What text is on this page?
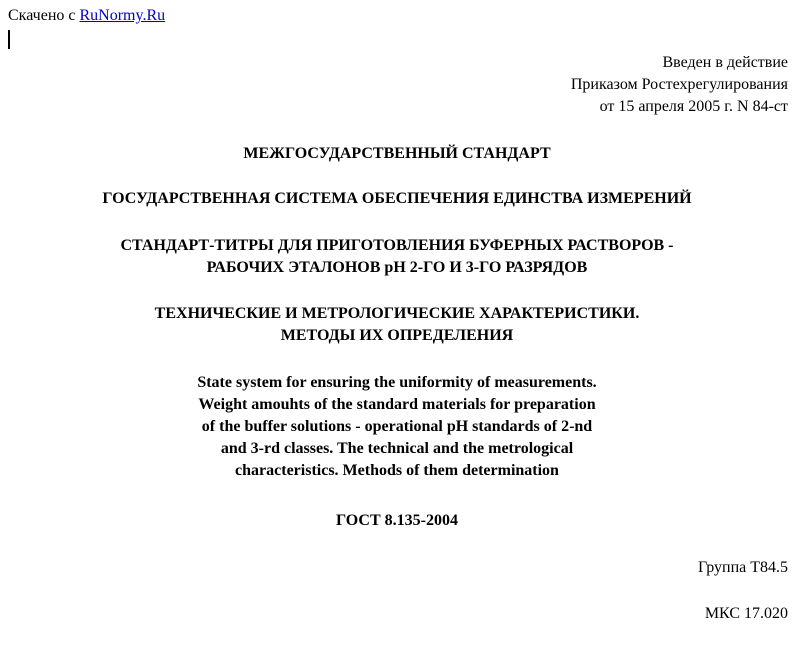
Скачено с RuNormy.Ru
Введен в действие
Приказом Ростехрегулирования
от 15 апреля 2005 г. N 84-ст
МЕЖГОСУДАРСТВЕННЫЙ СТАНДАРТ
ГОСУДАРСТВЕННАЯ СИСТЕМА ОБЕСПЕЧЕНИЯ ЕДИНСТВА ИЗМЕРЕНИЙ
СТАНДАРТ-ТИТРЫ ДЛЯ ПРИГОТОВЛЕНИЯ БУФЕРНЫХ РАСТВОРОВ -
РАБОЧИХ ЭТАЛОНОВ pH 2-ГО И 3-ГО РАЗРЯДОВ
ТЕХНИЧЕСКИЕ И МЕТРОЛОГИЧЕСКИЕ ХАРАКТЕРИСТИКИ.
МЕТОДЫ ИХ ОПРЕДЕЛЕНИЯ
State system for ensuring the uniformity of measurements.
Weight amouhts of the standard materials for preparation
of the buffer solutions - operational pH standards of 2-nd
and 3-rd classes. The technical and the metrological
characteristics. Methods of them determination
ГОСТ 8.135-2004
Группа Т84.5
МКС 17.020
